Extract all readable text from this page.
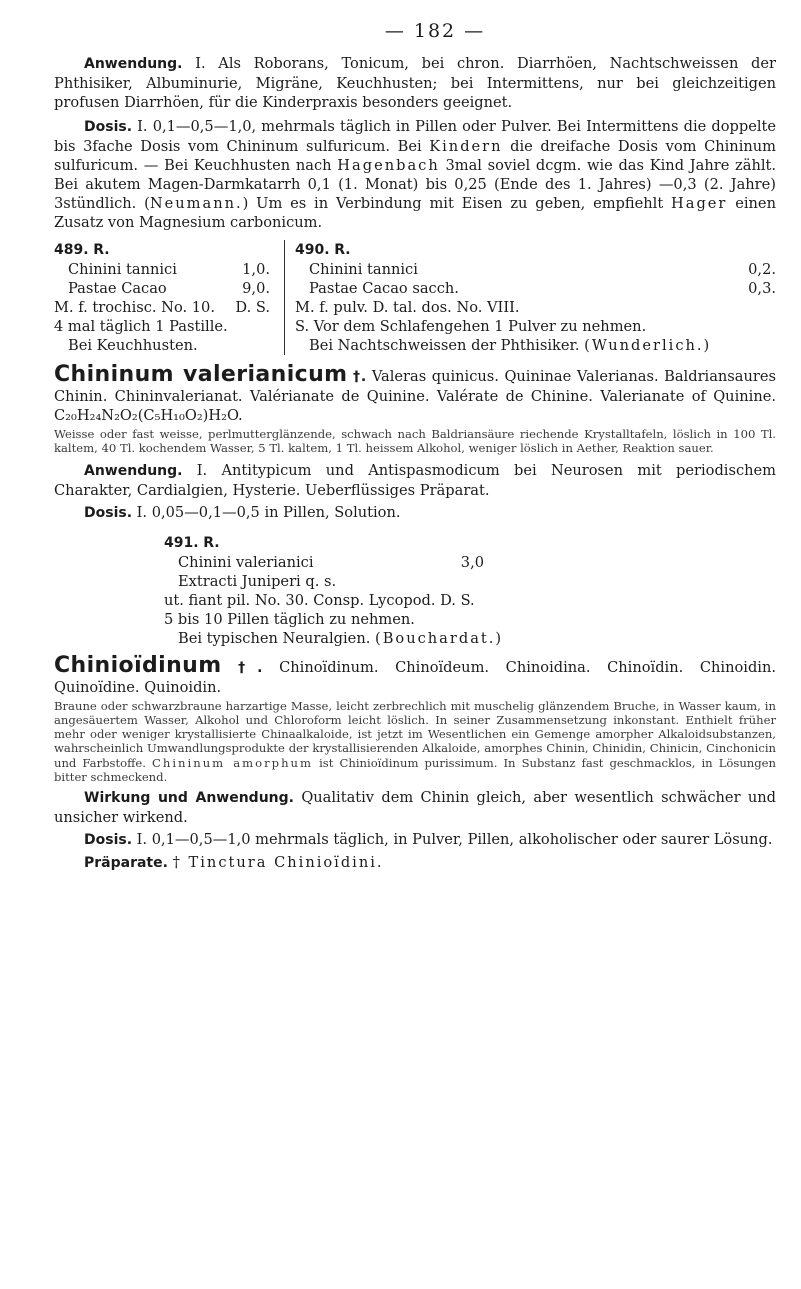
— 182 —

Anwendung. I. Als Roborans, Tonicum, bei chron. Diarrhöen, Nachtschweissen der Phthisiker, Albuminurie, Migräne, Keuchhusten; bei Intermittens, nur bei gleichzeitigen profusen Diarrhöen, für die Kinderpraxis besonders geeignet.

Dosis. I. 0,1—0,5—1,0, mehrmals täglich in Pillen oder Pulver. Bei Intermittens die doppelte bis 3fache Dosis vom Chininum sulfuricum. Bei Kindern die dreifache Dosis vom Chininum sulfuricum. — Bei Keuchhusten nach Hagenbach 3mal soviel dcgm. wie das Kind Jahre zählt. Bei akutem Magen-Darmkatarrh 0,1 (1. Monat) bis 0,25 (Ende des 1. Jahres) —0,3 (2. Jahre) 3stündlich. (Neumann.) Um es in Verbindung mit Eisen zu geben, empfiehlt Hager einen Zusatz von Magnesium carbonicum.

489. R.
Chinini tannici	1,0.
Pastae Cacao	9,0.
M. f. trochisc. No. 10. D. S.
4 mal täglich 1 Pastille.
Bei Keuchhusten.
490. R.
Chinini tannici	0,2.
Pastae Cacao sacch.	0,3.
M. f. pulv. D. tal. dos. No. VIII.
S. Vor dem Schlafengehen 1 Pulver zu nehmen.
Bei Nachtschweissen der Phthisiker. (Wunderlich.)

Chininum valerianicum †. Valeras quinicus. Quininae Valerianas. Baldriansaures Chinin. Chininvalerianat. Valérianate de Quinine. Valérate de Chinine. Valerianate of Quinine. C₂₀H₂₄N₂O₂(C₅H₁₀O₂)H₂O.

Weisse oder fast weisse, perlmutterglänzende, schwach nach Baldriansäure riechende Krystalltafeln, löslich in 100 Tl. kaltem, 40 Tl. kochendem Wasser, 5 Tl. kaltem, 1 Tl. heissem Alkohol, weniger löslich in Aether, Reaktion sauer.

Anwendung. I. Antitypicum und Antispasmodicum bei Neurosen mit periodischem Charakter, Cardialgien, Hysterie. Ueberflüssiges Präparat.

Dosis. I. 0,05—0,1—0,5 in Pillen, Solution.

491. R.
Chinini valerianici	3,0
Extracti Juniperi q. s.
ut. fiant pil. No. 30. Consp. Lycopod. D. S.
5 bis 10 Pillen täglich zu nehmen.
Bei typischen Neuralgien. (Bouchardat.)

Chinioïdinum †. Chinoïdinum. Chinoïdeum. Chinoidina. Chinoïdin. Chinoidin. Quinoïdine. Quinoidin.

Braune oder schwarzbraune harzartige Masse, leicht zerbrechlich mit muschelig glänzendem Bruche, in Wasser kaum, in angesäuertem Wasser, Alkohol und Chloroform leicht löslich. In seiner Zusammensetzung inkonstant. Enthielt früher mehr oder weniger krystallisierte Chinaalkaloide, ist jetzt im Wesentlichen ein Gemenge amorpher Alkaloidsubstanzen, wahrscheinlich Umwandlungsprodukte der krystallisierenden Alkaloide, amorphes Chinin, Chinidin, Chinicin, Cinchonicin und Farbstoffe. Chininum amorphum ist Chinioïdinum purissimum. In Substanz fast geschmacklos, in Lösungen bitter schmeckend.

Wirkung und Anwendung. Qualitativ dem Chinin gleich, aber wesentlich schwächer und unsicher wirkend.

Dosis. I. 0,1—0,5—1,0 mehrmals täglich, in Pulver, Pillen, alkoholischer oder saurer Lösung.

Präparate. † Tinctura Chinioïdini.
